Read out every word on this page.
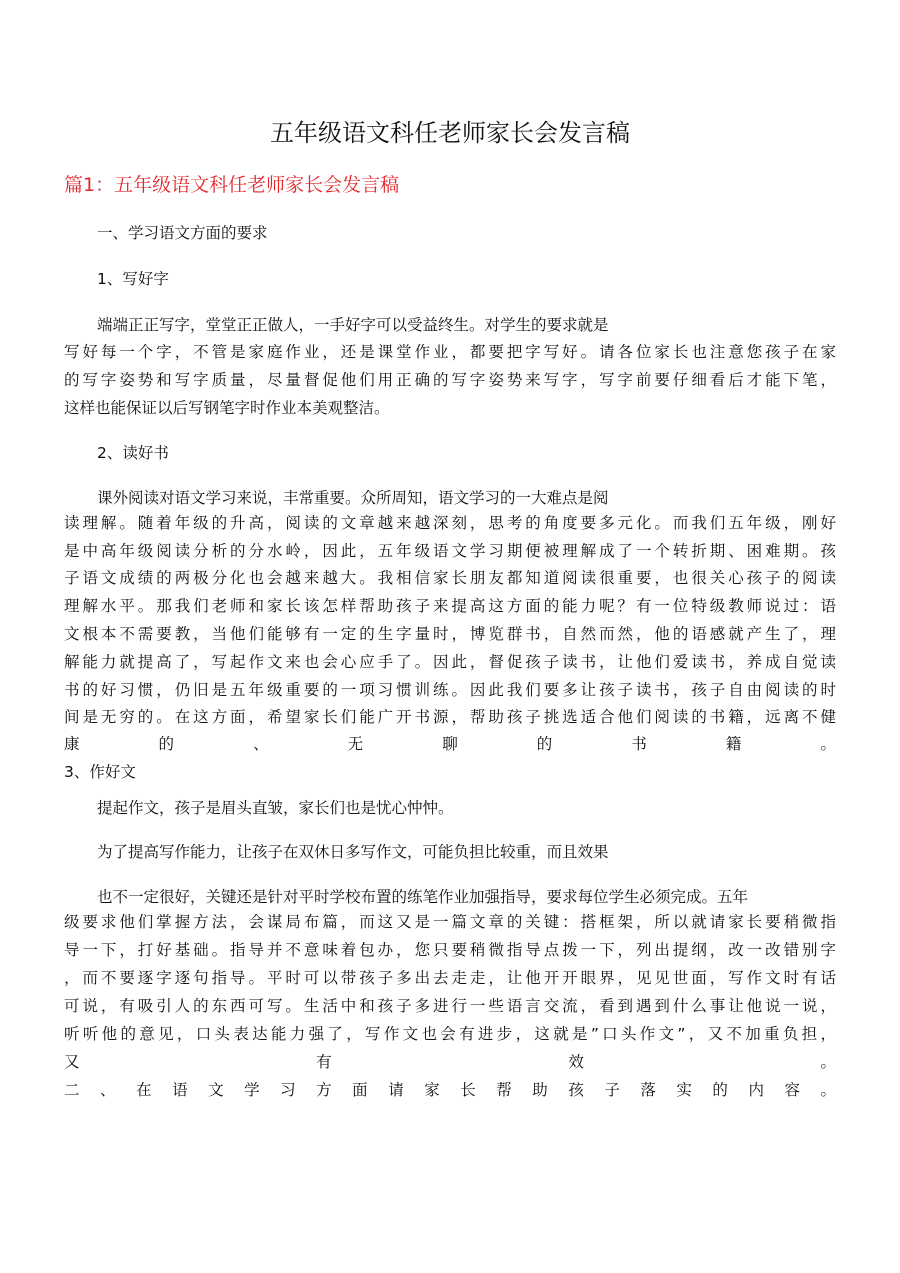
五年级语文科任老师家长会发言稿
篇1：五年级语文科任老师家长会发言稿

一、学习语文方面的要求

1、写好字

端端正正写字，堂堂正正做人，一手好字可以受益终生。对学生的要求就是

写好每一个字，不管是家庭作业，还是课堂作业，都要把字写好。请各位家长也注意您孩子在家

的写字姿势和写字质量，尽量督促他们用正确的写字姿势来写字，写字前要仔细看后才能下笔，

这样也能保证以后写钢笔字时作业本美观整洁。

2、读好书

课外阅读对语文学习来说，丰常重要。众所周知，语文学习的一大难点是阅

读理解。随着年级的升高，阅读的文章越来越深刻，思考的角度要多元化。而我们五年级，刚好

是中高年级阅读分析的分水岭，因此，五年级语文学习期便被理解成了一个转折期、困难期。孩

子语文成绩的两极分化也会越来越大。我相信家长朋友都知道阅读很重要，也很关心孩子的阅读

理解水平。那我们老师和家长该怎样帮助孩子来提高这方面的能力呢？有一位特级教师说过：语

文根本不需要教，当他们能够有一定的生字量时，博览群书，自然而然，他的语感就产生了，理

解能力就提高了，写起作文来也会心应手了。因此，督促孩子读书，让他们爱读书，养成自觉读

书的好习惯，仍旧是五年级重要的一项习惯训练。因此我们要多让孩子读书，孩子自由阅读的时

间是无穷的。在这方面，希望家长们能广开书源，帮助孩子挑选适合他们阅读的书籍，远离不健

康的、无聊的书籍。

3、作好文

提起作文，孩子是眉头直皱，家长们也是忧心忡忡。

为了提高写作能力，让孩子在双休日多写作文，可能负担比较重，而且效果

也不一定很好，关键还是针对平时学校布置的练笔作业加强指导，要求每位学生必须完成。五年

级要求他们掌握方法，会谋局布篇，而这又是一篇文章的关键：搭框架，所以就请家长要稍微指

导一下，打好基础。指导并不意味着包办，您只要稍微指导点拨一下，列出提纲，改一改错别字

，而不要逐字逐句指导。平时可以带孩子多出去走走，让他开开眼界，见见世面，写作文时有话

可说，有吸引人的东西可写。生活中和孩子多进行一些语言交流，看到遇到什么事让他说一说，

听听他的意见，口头表达能力强了，写作文也会有进步，这就是”口头作文”，又不加重负担，

又有效。

二、在语文学习方面请家长帮助孩子落实的内容。
